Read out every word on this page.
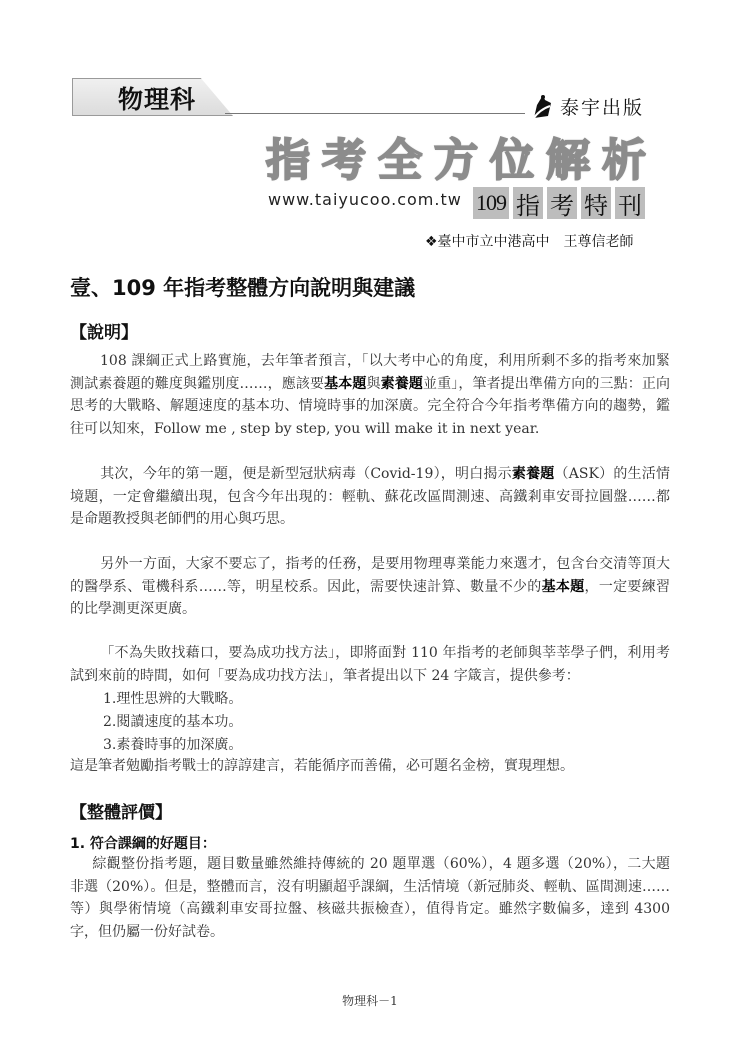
物理科	泰宇出版
指考全方位解析
www.taiyucoo.com.tw 109 指 考 特 刊
❖臺中市立中港高中　王尊信老師
壹、109 年指考整體方向說明與建議
【說明】
108 課綱正式上路實施，去年筆者預言，「以大考中心的角度，利用所剩不多的指考來加緊測試素養題的難度與鑑別度……，應該要基本題與素養題並重」，筆者提出準備方向的三點：正向思考的大戰略、解題速度的基本功、情境時事的加深廣。完全符合今年指考準備方向的趨勢，鑑往可以知來，Follow me , step by step, you will make it in next year.
其次，今年的第一題，便是新型冠狀病毒（Covid-19），明白揭示素養題（ASK）的生活情境題，一定會繼續出現，包含今年出現的：輕軌、蘇花改區間測速、高鐵剎車安哥拉圓盤……都是命題教授與老師們的用心與巧思。
另外一方面，大家不要忘了，指考的任務，是要用物理專業能力來選才，包含台交清等頂大的醫學系、電機科系……等，明星校系。因此，需要快速計算、數量不少的基本題，一定要練習的比學測更深更廣。
「不為失敗找藉口，要為成功找方法」，即將面對 110 年指考的老師與莘莘學子們，利用考試到來前的時間，如何「要為成功找方法」，筆者提出以下 24 字箴言，提供參考：
1.理性思辨的大戰略。
2.閱讀速度的基本功。
3.素養時事的加深廣。
這是筆者勉勵指考戰士的諄諄建言，若能循序而善備，必可題名金榜，實現理想。
【整體評價】
1. 符合課綱的好題目：
綜觀整份指考題，題目數量雖然維持傳統的 20 題單選（60%），4 題多選（20%），二大題非選（20%）。但是，整體而言，沒有明顯超乎課綱，生活情境（新冠肺炎、輕軌、區間測速……等）與學術情境（高鐵剎車安哥拉盤、核磁共振檢查），值得肯定。雖然字數偏多，達到 4300 字，但仍屬一份好試卷。
物理科－1
